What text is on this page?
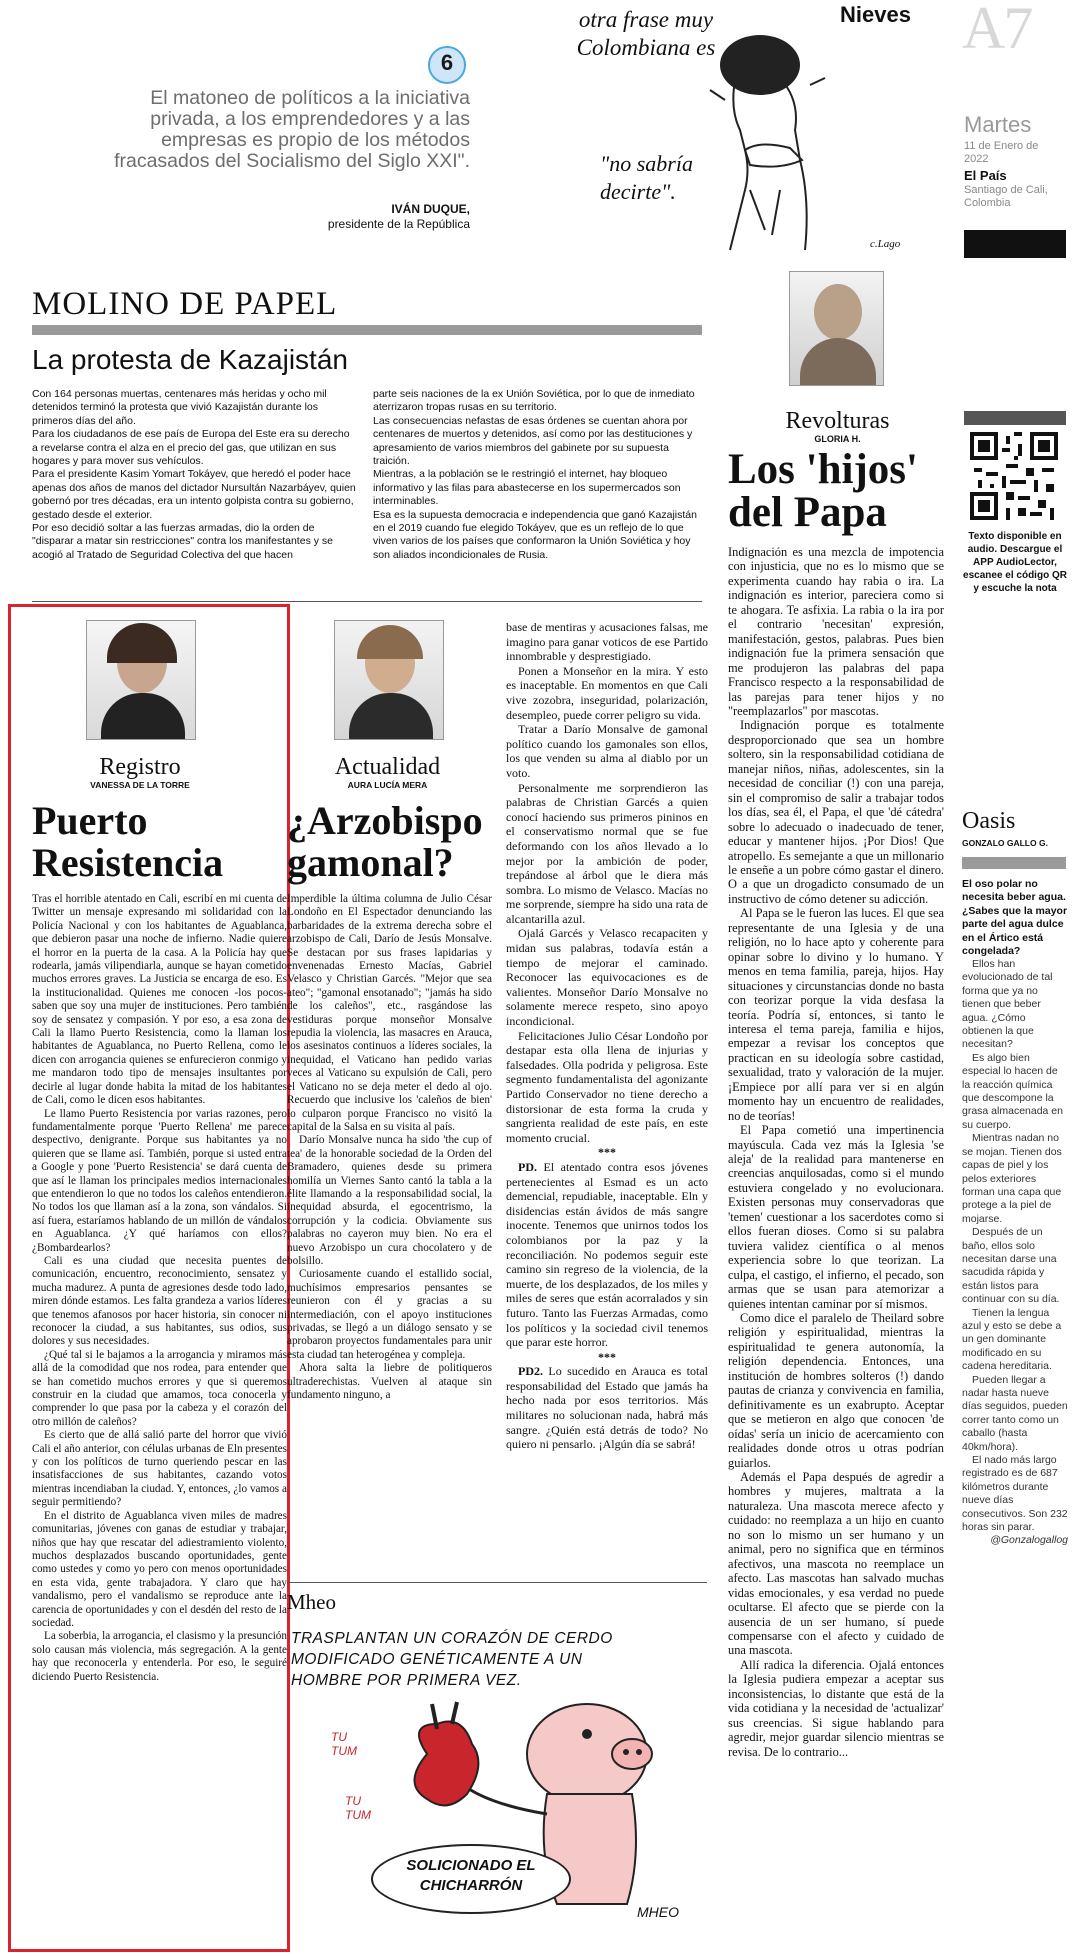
6
El matoneo de políticos a la iniciativa privada, a los emprendedores y a las empresas es propio de los métodos fracasados del Socialismo del Siglo XXI".
IVÁN DUQUE,
presidente de la República
Nieves
otra frase muy Colombiana es
"no sabría decirte".
c.Lago
A7
Martes
11 de Enero de 2022
El País
Santiago de Cali, Colombia
MOLINO DE PAPEL
La protesta de Kazajistán

Con 164 personas muertas, centenares más heridas y ocho mil detenidos terminó la protesta que vivió Kazajistán durante los primeros días del año.

Para los ciudadanos de ese país de Europa del Este era su derecho a revelarse contra el alza en el precio del gas, que utilizan en sus hogares y para mover sus vehículos.

Para el presidente Kasim Yomart Tokáyev, que heredó el poder hace apenas dos años de manos del dictador Nursultán Nazarbáyev, quien gobernó por tres décadas, era un intento golpista contra su gobierno, gestado desde el exterior.

Por eso decidió soltar a las fuerzas armadas, dio la orden de "disparar a matar sin restricciones" contra los manifestantes y se acogió al Tratado de Seguridad Colectiva del que hacen

parte seis naciones de la ex Unión Soviética, por lo que de inmediato aterrizaron tropas rusas en su territorio.

Las consecuencias nefastas de esas órdenes se cuentan ahora por centenares de muertos y detenidos, así como por las destituciones y apresamiento de varios miembros del gabinete por su supuesta traición.

Mientras, a la población se le restringió el internet, hay bloqueo informativo y las filas para abastecerse en los supermercados son interminables.

Esa es la supuesta democracia e independencia que ganó Kazajistán en el 2019 cuando fue elegido Tokáyev, que es un reflejo de lo que viven varios de los países que conformaron la Unión Soviética y hoy son aliados incondicionales de Rusia.

Revolturas
GLORIA H.
Los 'hijos' del Papa

Indignación es una mezcla de impotencia con injusticia, que no es lo mismo que se experimenta cuando hay rabia o ira. La indignación es interior, pareciera como si te ahogara. Te asfixia. La rabia o la ira por el contrario 'necesitan' expresión, manifestación, gestos, palabras. Pues bien indignación fue la primera sensación que me produjeron las palabras del papa Francisco respecto a la responsabilidad de las parejas para tener hijos y no "reemplazarlos" por mascotas.

Indignación porque es totalmente desproporcionado que sea un hombre soltero, sin la responsabilidad cotidiana de manejar niños, niñas, adolescentes, sin la necesidad de conciliar (!) con una pareja, sin el compromiso de salir a trabajar todos los días, sea él, el Papa, el que 'dé cátedra' sobre lo adecuado o inadecuado de tener, educar y mantener hijos. ¡Por Dios! Que atropello. Es semejante a que un millonario le enseñe a un pobre cómo gastar el dinero. O a que un drogadicto consumado de un instructivo de cómo detener su adicción.

Al Papa se le fueron las luces. El que sea representante de una Iglesia y de una religión, no lo hace apto y coherente para opinar sobre lo divino y lo humano. Y menos en tema familia, pareja, hijos. Hay situaciones y circunstancias donde no basta con teorizar porque la vida desfasa la teoría. Podría sí, entonces, si tanto le interesa el tema pareja, familia e hijos, empezar a revisar los conceptos que practican en su ideología sobre castidad, sexualidad, trato y valoración de la mujer. ¡Empiece por allí para ver si en algún momento hay un encuentro de realidades, no de teorías!

El Papa cometió una impertinencia mayúscula. Cada vez más la Iglesia 'se aleja' de la realidad para mantenerse en creencias anquilosadas, como si el mundo estuviera congelado y no evolucionara. Existen personas muy conservadoras que 'temen' cuestionar a los sacerdotes como si ellos fueran dioses. Como si su palabra tuviera validez científica o al menos experiencia sobre lo que teorizan. La culpa, el castigo, el infierno, el pecado, son armas que se usan para atemorizar a quienes intentan caminar por sí mismos.

Como dice el paralelo de Theilard sobre religión y espiritualidad, mientras la espiritualidad te genera autonomía, la religión dependencia. Entonces, una institución de hombres solteros (!) dando pautas de crianza y convivencia en familia, definitivamente es un exabrupto. Aceptar que se metieron en algo que conocen 'de oídas' sería un inicio de acercamiento con realidades donde otros u otras podrían guiarlos.

Además el Papa después de agredir a hombres y mujeres, maltrata a la naturaleza. Una mascota merece afecto y cuidado: no reemplaza a un hijo en cuanto no son lo mismo un ser humano y un animal, pero no significa que en términos afectivos, una mascota no reemplace un afecto. Las mascotas han salvado muchas vidas emocionales, y esa verdad no puede ocultarse. El afecto que se pierde con la ausencia de un ser humano, sí puede compensarse con el afecto y cuidado de una mascota.

Allí radica la diferencia. Ojalá entonces la Iglesia pudiera empezar a aceptar sus inconsistencias, lo distante que está de la vida cotidiana y la necesidad de 'actualizar' sus creencias. Si sigue hablando para agredir, mejor guardar silencio mientras se revisa. De lo contrario...

Texto disponible en audio. Descargue el APP AudioLector, escanee el código QR y escuche la nota
Registro
VANESSA DE LA TORRE
Puerto Resistencia

Tras el horrible atentado en Cali, escribí en mi cuenta de Twitter un mensaje expresando mi solidaridad con la Policía Nacional y con los habitantes de Aguablanca, que debieron pasar una noche de infierno. Nadie quiere el horror en la puerta de la casa. A la Policía hay que rodearla, jamás vilipendiarla, aunque se hayan cometido muchos errores graves. La Justicia se encarga de eso. Es la institucionalidad. Quienes me conocen -los pocos- saben que soy una mujer de instituciones. Pero también soy de sensatez y compasión. Y por eso, a esa zona de Cali la llamo Puerto Resistencia, como la llaman los habitantes de Aguablanca, no Puerto Rellena, como le dicen con arrogancia quienes se enfurecieron conmigo y me mandaron todo tipo de mensajes insultantes por decirle al lugar donde habita la mitad de los habitantes de Cali, como le dicen esos habitantes.

Le llamo Puerto Resistencia por varias razones, pero fundamentalmente porque 'Puerto Rellena' me parece despectivo, denigrante. Porque sus habitantes ya no quieren que se llame así. También, porque si usted entra a Google y pone 'Puerto Resistencia' se dará cuenta de que así le llaman los principales medios internacionales que entendieron lo que no todos los caleños entendieron. No todos los que llaman así a la zona, son vándalos. Si así fuera, estaríamos hablando de un millón de vándalos en Aguablanca. ¿Y qué haríamos con ellos? ¿Bombardearlos?

Cali es una ciudad que necesita puentes de comunicación, encuentro, reconocimiento, sensatez y mucha madurez. A punta de agresiones desde todo lado, miren dónde estamos. Les falta grandeza a varios líderes que tenemos afanosos por hacer historia, sin conocer ni reconocer la ciudad, a sus habitantes, sus odios, sus dolores y sus necesidades.

¿Qué tal si le bajamos a la arrogancia y miramos más allá de la comodidad que nos rodea, para entender que se han cometido muchos errores y que si queremos construir en la ciudad que amamos, toca conocerla y comprender lo que pasa por la cabeza y el corazón del otro millón de caleños?

Es cierto que de allá salió parte del horror que vivió Cali el año anterior, con células urbanas de Eln presentes y con los políticos de turno queriendo pescar en las insatisfacciones de sus habitantes, cazando votos mientras incendiaban la ciudad. Y, entonces, ¿lo vamos a seguir permitiendo?

En el distrito de Aguablanca viven miles de madres comunitarias, jóvenes con ganas de estudiar y trabajar, niños que hay que rescatar del adiestramiento violento, muchos desplazados buscando oportunidades, gente como ustedes y como yo pero con menos oportunidades en esta vida, gente trabajadora. Y claro que hay vandalismo, pero el vandalismo se reproduce ante la carencia de oportunidades y con el desdén del resto de la sociedad.

La soberbia, la arrogancia, el clasismo y la presunción solo causan más violencia, más segregación. A la gente hay que reconocerla y entenderla. Por eso, le seguiré diciendo Puerto Resistencia.

Actualidad
AURA LUCÍA MERA
¿Arzobispo gamonal?

Imperdible la última columna de Julio César Londoño en El Espectador denunciando las barbaridades de la extrema derecha sobre el arzobispo de Cali, Darío de Jesús Monsalve. Se destacan por sus frases lapidarias y envenenadas Ernesto Macías, Gabriel Velasco y Christian Garcés. "Mejor que sea ateo"; "gamonal ensotanado"; "jamás ha sido de los caleños", etc., rasgándose las vestiduras porque monseñor Monsalve repudia la violencia, las masacres en Arauca, los asesinatos continuos a líderes sociales, la inequidad, el Vaticano han pedido varias veces al Vaticano su expulsión de Cali, pero el Vaticano no se deja meter el dedo al ojo. Recuerdo que inclusive los 'caleños de bien' lo culparon porque Francisco no visitó la capital de la Salsa en su visita al país.

Darío Monsalve nunca ha sido 'the cup of tea' de la honorable sociedad de la Orden del Bramadero, quienes desde su primera homilía un Viernes Santo cantó la tabla a la élite llamando a la responsabilidad social, la inequidad absurda, el egocentrismo, la corrupción y la codicia. Obviamente sus palabras no cayeron muy bien. No era el nuevo Arzobispo un cura chocolatero y de bolsillo.

Curiosamente cuando el estallido social, muchísimos empresarios pensantes se reunieron con él y gracias a su intermediación, con el apoyo instituciones privadas, se llegó a un diálogo sensato y se aprobaron proyectos fundamentales para unir esta ciudad tan heterogénea y compleja.

Ahora salta la liebre de politiqueros ultraderechistas. Vuelven al ataque sin fundamento ninguno, a

base de mentiras y acusaciones falsas, me imagino para ganar voticos de ese Partido innombrable y desprestigiado.

Ponen a Monseñor en la mira. Y esto es inaceptable. En momentos en que Cali vive zozobra, inseguridad, polarización, desempleo, puede correr peligro su vida.

Tratar a Darío Monsalve de gamonal político cuando los gamonales son ellos, los que venden su alma al diablo por un voto.

Personalmente me sorprendieron las palabras de Christian Garcés a quien conocí haciendo sus primeros pininos en el conservatismo normal que se fue deformando con los años llevado a lo mejor por la ambición de poder, trepándose al árbol que le diera más sombra. Lo mismo de Velasco. Macías no me sorprende, siempre ha sido una rata de alcantarilla azul.

Ojalá Garcés y Velasco recapaciten y midan sus palabras, todavía están a tiempo de mejorar el caminado. Reconocer las equivocaciones es de valientes. Monseñor Darío Monsalve no solamente merece respeto, sino apoyo incondicional.

Felicitaciones Julio César Londoño por destapar esta olla llena de injurias y falsedades. Olla podrida y peligrosa. Este segmento fundamentalista del agonizante Partido Conservador no tiene derecho a distorsionar de esta forma la cruda y sangrienta realidad de este país, en este momento crucial.

***

PD. El atentado contra esos jóvenes pertenecientes al Esmad es un acto demencial, repudiable, inaceptable. Eln y disidencias están ávidos de más sangre inocente. Tenemos que unirnos todos los colombianos por la paz y la reconciliación. No podemos seguir este camino sin regreso de la violencia, de la muerte, de los desplazados, de los miles y miles de seres que están acorralados y sin futuro. Tanto las Fuerzas Armadas, como los políticos y la sociedad civil tenemos que parar este horror.

***

PD2. Lo sucedido en Arauca es total responsabilidad del Estado que jamás ha hecho nada por esos territorios. Más militares no solucionan nada, habrá más sangre. ¿Quién está detrás de todo? No quiero ni pensarlo. ¡Algún día se sabrá!

Mheo
TRASPLANTAN UN CORAZÓN DE CERDO MODIFICADO GENÉTICAMENTE A UN HOMBRE POR PRIMERA VEZ.
TU TUM
TU TUM
SOLICIONADO EL CHICHARRÓN
MHEO
Oasis
GONZALO GALLO G.
El oso polar no necesita beber agua. ¿Sabes que la mayor parte del agua dulce en el Ártico está congelada?

Ellos han evolucionado de tal forma que ya no tienen que beber agua. ¿Cómo obtienen la que necesitan?

Es algo bien especial lo hacen de la reacción química que descompone la grasa almacenada en su cuerpo.

Mientras nadan no se mojan. Tienen dos capas de piel y los pelos exteriores forman una capa que protege a la piel de mojarse.

Después de un baño, ellos solo necesitan darse una sacudida rápida y están listos para continuar con su día.

Tienen la lengua azul y esto se debe a un gen dominante modificado en su cadena hereditaria.

Pueden llegar a nadar hasta nueve días seguidos, pueden correr tanto como un caballo (hasta 40km/hora).

El nado más largo registrado es de 687 kilómetros durante nueve días consecutivos. Son 232 horas sin parar.

@Gonzalogallog
